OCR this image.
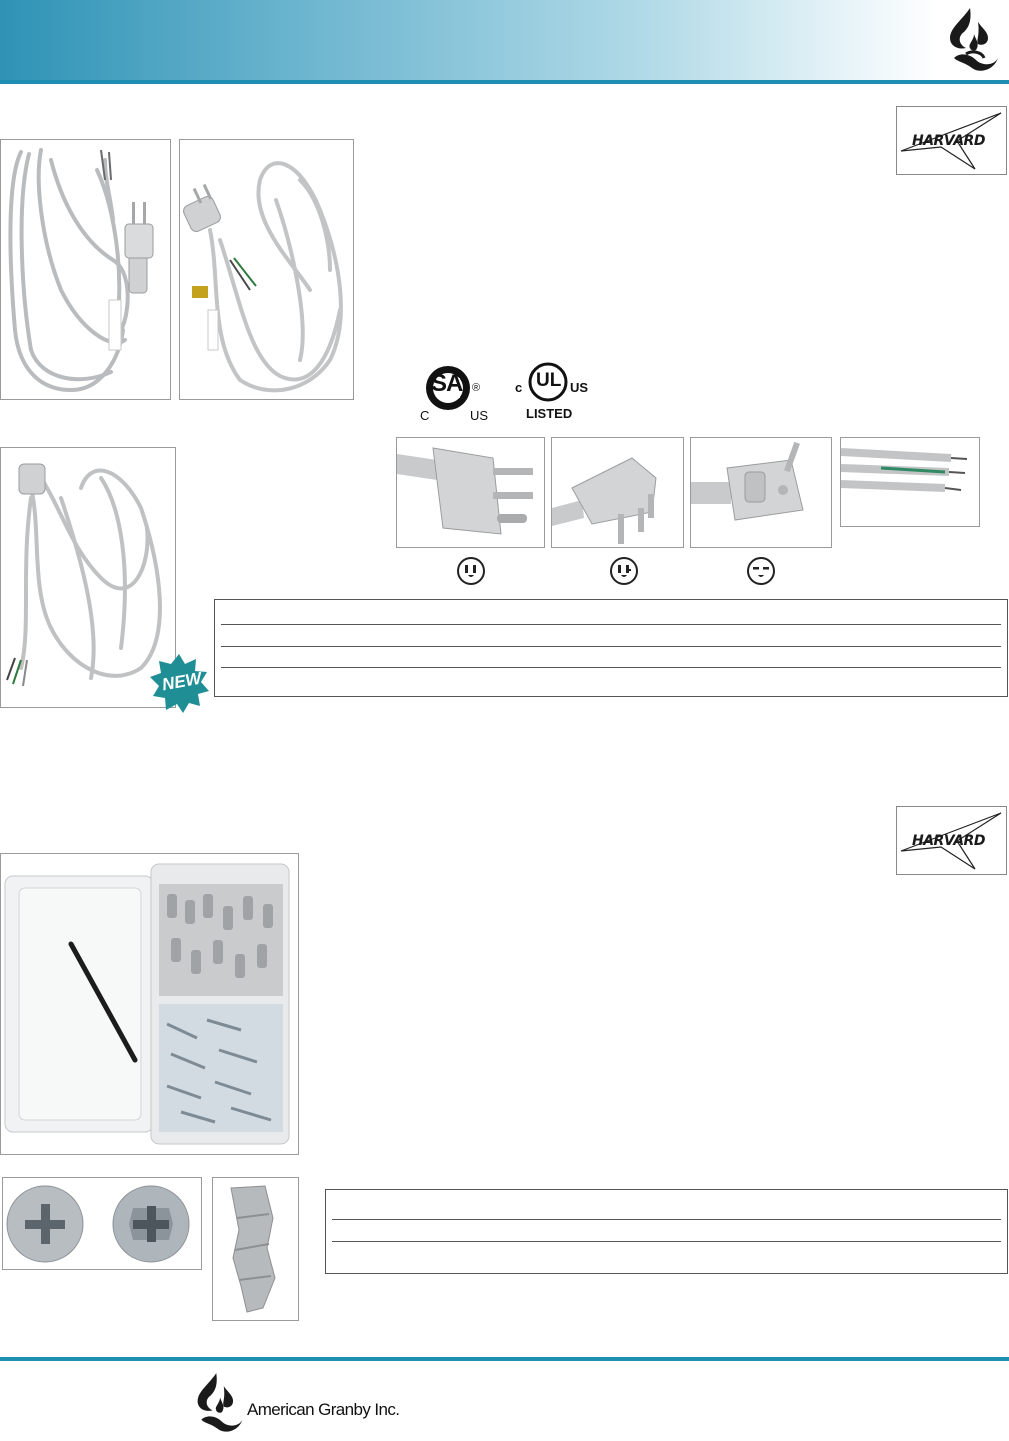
HARVARD
SA ®
C	US
UL
c	US
LISTED
NEW
HARVARD
American Granby Inc.
